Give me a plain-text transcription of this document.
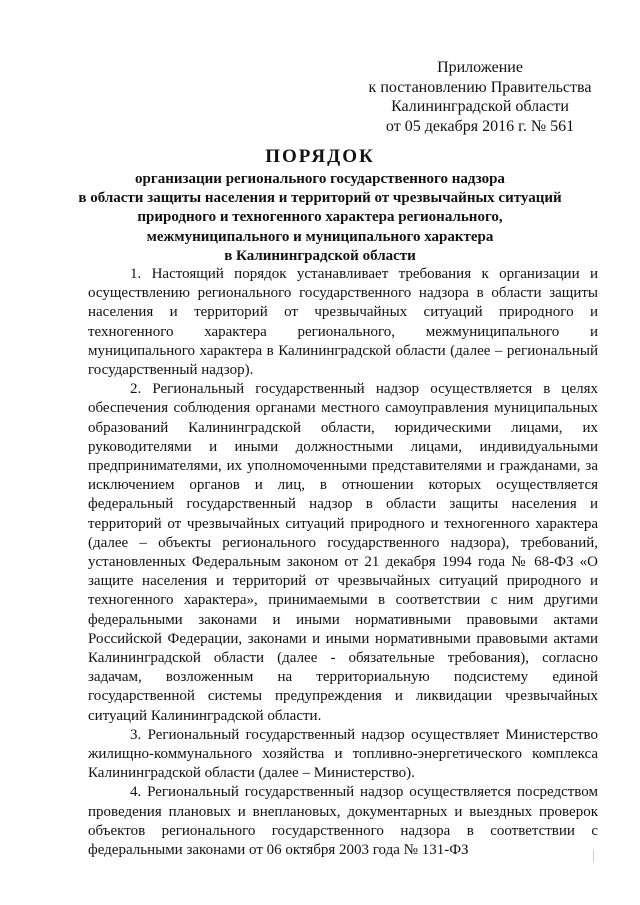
Приложение
к постановлению Правительства
Калининградской области
от 05 декабря 2016 г. № 561
ПОРЯДОК
организации регионального государственного надзора
в области защиты населения и территорий от чрезвычайных ситуаций
природного и техногенного характера регионального,
межмуниципального и муниципального характера
в Калининградской области

1. Настоящий порядок устанавливает требования к организации и осуществлению регионального государственного надзора в области защиты населения и территорий от чрезвычайных ситуаций природного и техногенного характера регионального, межмуниципального и муниципального характера в Калининградской области (далее – региональный государственный надзор).

2. Региональный государственный надзор осуществляется в целях обеспечения соблюдения органами местного самоуправления муниципальных образований Калининградской области, юридическими лицами, их руководителями и иными должностными лицами, индивидуальными предпринимателями, их уполномоченными представителями и гражданами, за исключением органов и лиц, в отношении которых осуществляется федеральный государственный надзор в области защиты населения и территорий от чрезвычайных ситуаций природного и техногенного характера (далее – объекты регионального государственного надзора), требований, установленных Федеральным законом от 21 декабря 1994 года № 68-ФЗ «О защите населения и территорий от чрезвычайных ситуаций природного и техногенного характера», принимаемыми в соответствии с ним другими федеральными законами и иными нормативными правовыми актами Российской Федерации, законами и иными нормативными правовыми актами Калининградской области (далее - обязательные требования), согласно задачам, возложенным на территориальную подсистему единой государственной системы предупреждения и ликвидации чрезвычайных ситуаций Калининградской области.

3. Региональный государственный надзор осуществляет Министерство жилищно-коммунального хозяйства и топливно-энергетического комплекса Калининградской области (далее – Министерство).

4. Региональный государственный надзор осуществляется посредством проведения плановых и внеплановых, документарных и выездных проверок объектов регионального государственного надзора в соответствии с федеральными законами от 06 октября 2003 года № 131-ФЗ
